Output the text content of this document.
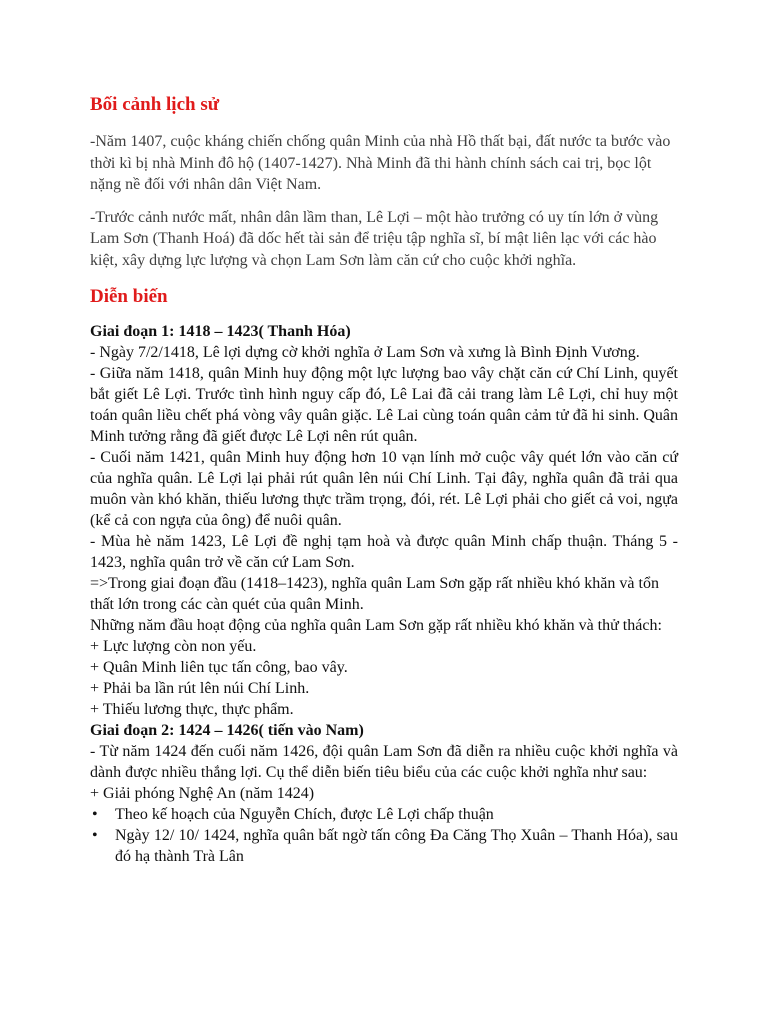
Bối cảnh lịch sử

-Năm 1407, cuộc kháng chiến chống quân Minh của nhà Hồ thất bại, đất nước ta bước vào thời kì bị nhà Minh đô hộ (1407-1427). Nhà Minh đã thi hành chính sách cai trị, bọc lột nặng nề đối với nhân dân Việt Nam.

-Trước cảnh nước mất, nhân dân lầm than, Lê Lợi – một hào trưởng có uy tín lớn ở vùng Lam Sơn (Thanh Hoá) đã dốc hết tài sản để triệu tập nghĩa sĩ, bí mật liên lạc với các hào kiệt, xây dựng lực lượng và chọn Lam Sơn làm căn cứ cho cuộc khởi nghĩa.

Diễn biến

Giai đoạn 1: 1418 – 1423( Thanh Hóa)

- Ngày 7/2/1418, Lê lợi dựng cờ khởi nghĩa ở Lam Sơn và xưng là Bình Định Vương.

- Giữa năm 1418, quân Minh huy động một lực lượng bao vây chặt căn cứ Chí Linh, quyết bắt giết Lê Lợi. Trước tình hình nguy cấp đó, Lê Lai đã cải trang làm Lê Lợi, chỉ huy một toán quân liều chết phá vòng vây quân giặc. Lê Lai cùng toán quân cảm tử đã hi sinh. Quân Minh tưởng rằng đã giết được Lê Lợi nên rút quân.

- Cuối năm 1421, quân Minh huy động hơn 10 vạn lính mở cuộc vây quét lớn vào căn cứ của nghĩa quân. Lê Lợi lại phải rút quân lên núi Chí Linh. Tại đây, nghĩa quân đã trải qua muôn vàn khó khăn, thiếu lương thực trầm trọng, đói, rét. Lê Lợi phải cho giết cả voi, ngựa (kể cả con ngựa của ông) để nuôi quân.

- Mùa hè năm 1423, Lê Lợi đề nghị tạm hoà và được quân Minh chấp thuận. Tháng 5 - 1423, nghĩa quân trở về căn cứ Lam Sơn.

=>Trong giai đoạn đầu (1418–1423), nghĩa quân Lam Sơn gặp rất nhiều khó khăn và tổn thất lớn trong các càn quét của quân Minh.

Những năm đầu hoạt động của nghĩa quân Lam Sơn gặp rất nhiều khó khăn và thử thách:

+ Lực lượng còn non yếu.

+ Quân Minh liên tục tấn công, bao vây.

+ Phải ba lần rút lên núi Chí Linh.

+ Thiếu lương thực, thực phẩm.

Giai đoạn 2: 1424 – 1426( tiến vào Nam)

- Từ năm 1424 đến cuối năm 1426, đội quân Lam Sơn đã diễn ra nhiều cuộc khởi nghĩa và dành được nhiều thắng lợi. Cụ thể diễn biến tiêu biểu của các cuộc khởi nghĩa như sau:

+ Giải phóng Nghệ An (năm 1424)

• Theo kế hoạch của Nguyễn Chích, được Lê Lợi chấp thuận
• Ngày 12/ 10/ 1424, nghĩa quân bất ngờ tấn công Đa Căng Thọ Xuân – Thanh Hóa), sau đó hạ thành Trà Lân
